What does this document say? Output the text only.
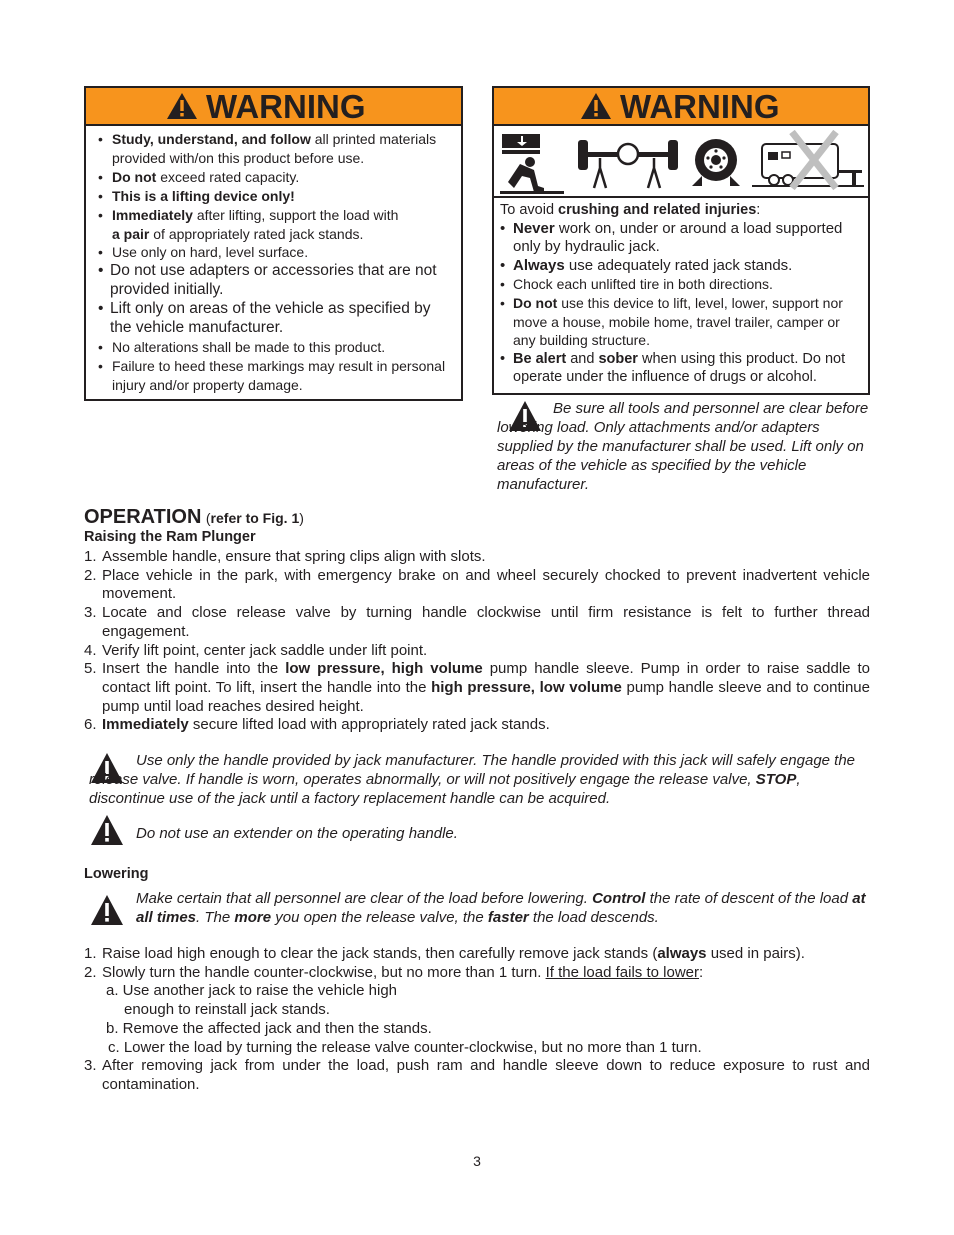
WARNING
• Study, understand, and follow all printed materials provided with/on this product before use.
• Do not exceed rated capacity.
• This is a lifting device only!
• Immediately after lifting, support the load with
a pair of appropriately rated jack stands.
• Use only on hard, level surface.
• Do not use adapters or accessories that are not provided initially.
• Lift only on areas of the vehicle as specified by the vehicle manufacturer.
• No alterations shall be made to this product.
• Failure to heed these markings may result in personal injury and/or property damage.
WARNING
To avoid crushing and related injuries:
• Never work on, under or around a load supported only by hydraulic jack.
• Always use adequately rated jack stands.
• Chock each unlifted tire in both directions.
• Do not use this device to lift, level, lower, support nor move a house, mobile home, travel trailer, camper or any building structure.
• Be alert and sober when using this product. Do not operate under the influence of drugs or alcohol.
Be sure all tools and personnel are clear before lowering load. Only attachments and/or adapters supplied by the manufacturer shall be used. Lift only on areas of the vehicle as specified by the vehicle manufacturer.
OPERATION (refer to Fig. 1)
Raising the Ram Plunger
1. Assemble handle, ensure that spring clips align with slots.
2. Place vehicle in the park, with emergency brake on and wheel securely chocked to prevent inadvertent vehicle movement.
3. Locate and close release valve by turning handle clockwise until firm resistance is felt to further thread engagement.
4. Verify lift point, center jack saddle under lift point.
5. Insert the handle into the low pressure, high volume pump handle sleeve. Pump in order to raise saddle to contact lift point. To lift, insert the handle into the high pressure, low volume pump handle sleeve and to continue pump until load reaches desired height.
6. Immediately secure lifted load with appropriately rated jack stands.
Use only the handle provided by jack manufacturer. The handle provided with this jack will safely engage the release valve. If handle is worn, operates abnormally, or will not positively engage the release valve, STOP, discontinue use of the jack until a factory replacement handle can be acquired.
Do not use an extender on the operating handle.
Lowering
Make certain that all personnel are clear of the load before lowering. Control the rate of descent of the load at all times. The more you open the release valve, the faster the load descends.
1. Raise load high enough to clear the jack stands, then carefully remove jack stands (always used in pairs).
2. Slowly turn the handle counter-clockwise, but no more than 1 turn. If the load fails to lower:
a. Use another jack to raise the vehicle high
enough to reinstall jack stands.
b. Remove the affected jack and then the stands.
c. Lower the load by turning the release valve counter-clockwise, but no more than 1 turn.
3. After removing jack from under the load, push ram and handle sleeve down to reduce exposure to rust and contamination.
3
